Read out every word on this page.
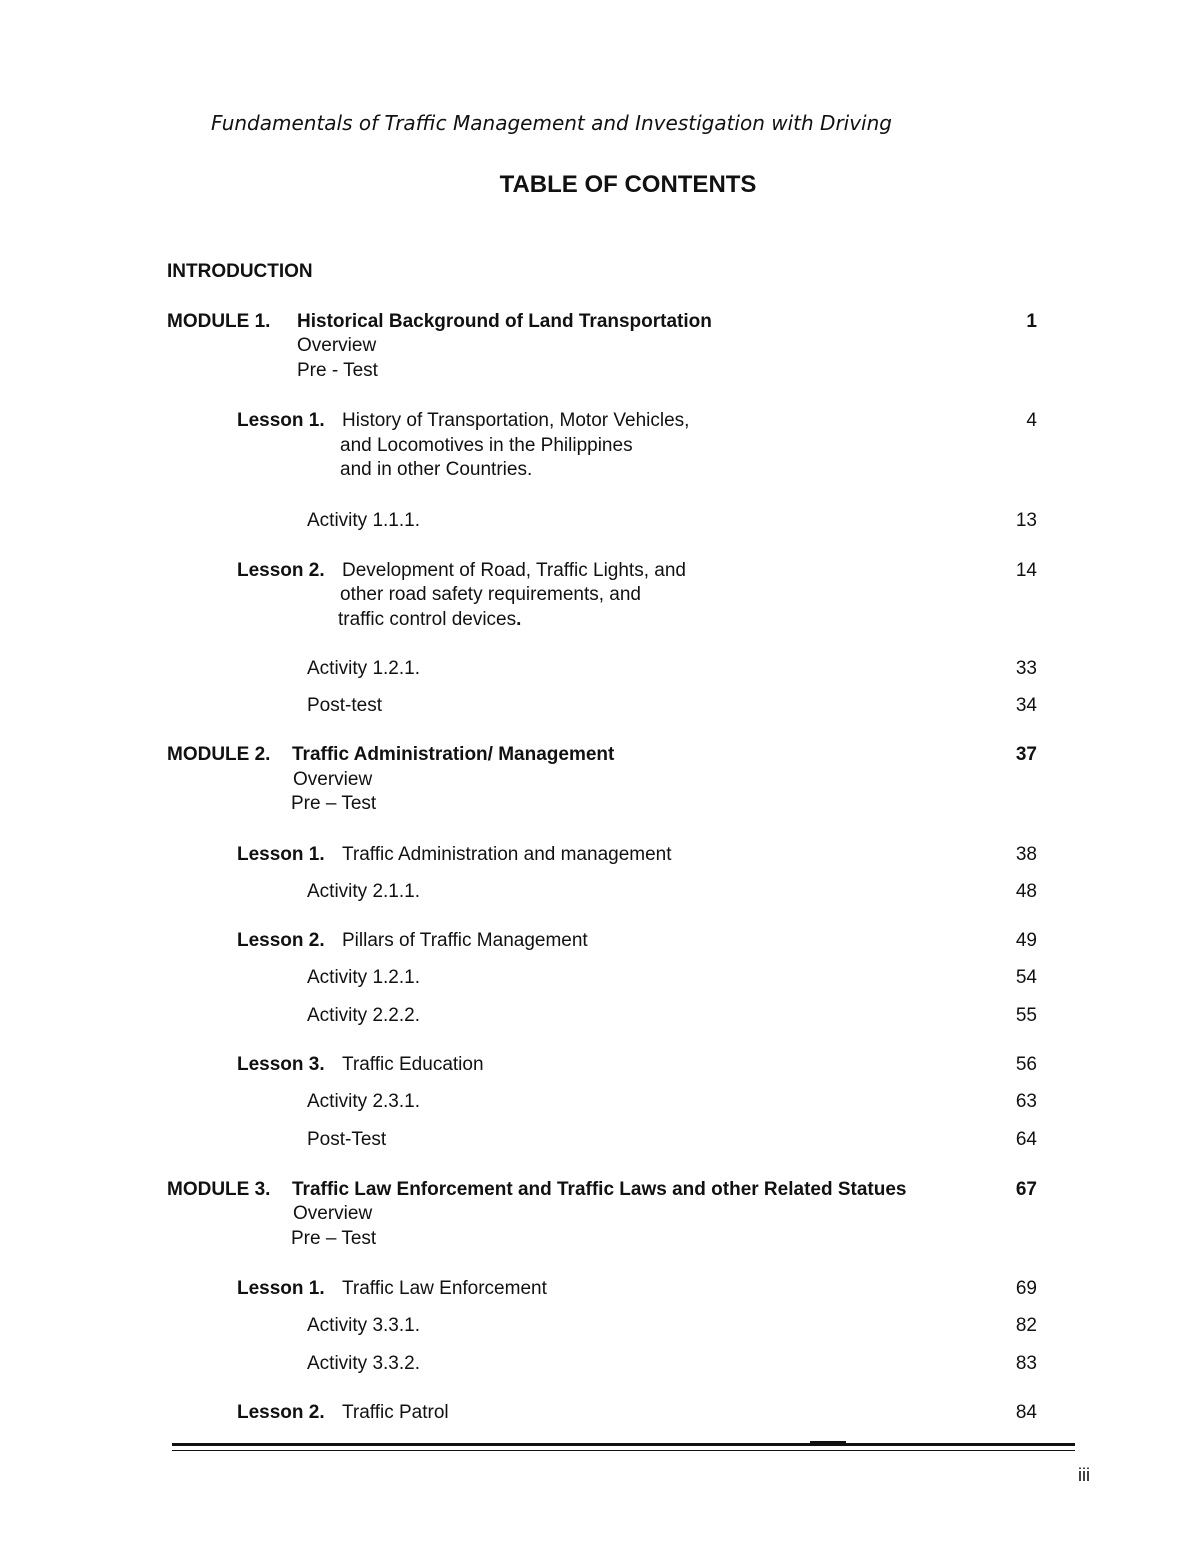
Fundamentals of Traffic Management and Investigation with Driving
TABLE OF CONTENTS
INTRODUCTION
MODULE 1. Historical Background of Land Transportation	1
Overview
Pre - Test
Lesson 1. History of Transportation, Motor Vehicles,	4
and Locomotives in the Philippines
and in other Countries.
Activity 1.1.1.	13
Lesson 2. Development of Road, Traffic Lights, and	14
other road safety requirements, and
traffic control devices.
Activity 1.2.1.	33
Post-test	34
MODULE 2. Traffic Administration/ Management	37
Overview
Pre – Test
Lesson 1. Traffic Administration and management	38
Activity 2.1.1.	48
Lesson 2. Pillars of Traffic Management	49
Activity 1.2.1.	54
Activity 2.2.2.	55
Lesson 3. Traffic Education	56
Activity 2.3.1.	63
Post-Test	64
MODULE 3. Traffic Law Enforcement and Traffic Laws and other Related Statues	67
Overview
Pre – Test
Lesson 1. Traffic Law Enforcement	69
Activity 3.3.1.	82
Activity 3.3.2.	83
Lesson 2. Traffic Patrol	84
iii
